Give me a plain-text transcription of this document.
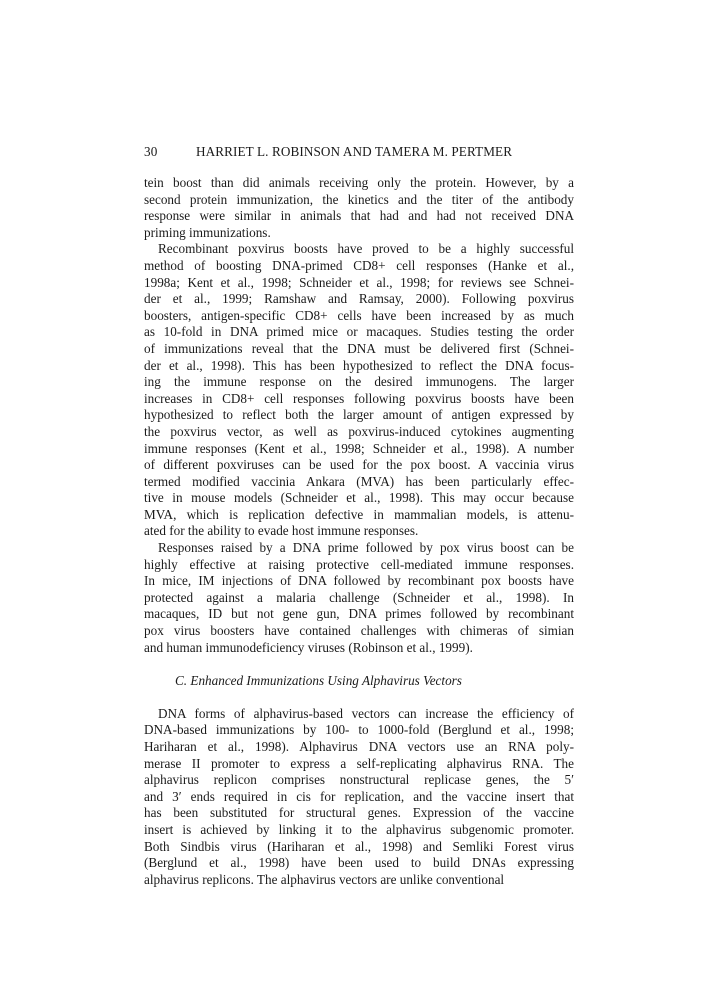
30	HARRIET L. ROBINSON AND TAMERA M. PERTMER
tein boost than did animals receiving only the protein. However, by a
second protein immunization, the kinetics and the titer of the antibody
response were similar in animals that had and had not received DNA
priming immunizations.
Recombinant poxvirus boosts have proved to be a highly successful
method of boosting DNA-primed CD8+ cell responses (Hanke et al.,
1998a; Kent et al., 1998; Schneider et al., 1998; for reviews see Schnei-
der et al., 1999; Ramshaw and Ramsay, 2000). Following poxvirus
boosters, antigen-specific CD8+ cells have been increased by as much
as 10-fold in DNA primed mice or macaques. Studies testing the order
of immunizations reveal that the DNA must be delivered first (Schnei-
der et al., 1998). This has been hypothesized to reflect the DNA focus-
ing the immune response on the desired immunogens. The larger
increases in CD8+ cell responses following poxvirus boosts have been
hypothesized to reflect both the larger amount of antigen expressed by
the poxvirus vector, as well as poxvirus-induced cytokines augmenting
immune responses (Kent et al., 1998; Schneider et al., 1998). A number
of different poxviruses can be used for the pox boost. A vaccinia virus
termed modified vaccinia Ankara (MVA) has been particularly effec-
tive in mouse models (Schneider et al., 1998). This may occur because
MVA, which is replication defective in mammalian models, is attenu-
ated for the ability to evade host immune responses.
Responses raised by a DNA prime followed by pox virus boost can be
highly effective at raising protective cell-mediated immune responses.
In mice, IM injections of DNA followed by recombinant pox boosts have
protected against a malaria challenge (Schneider et al., 1998). In
macaques, ID but not gene gun, DNA primes followed by recombinant
pox virus boosters have contained challenges with chimeras of simian
and human immunodeficiency viruses (Robinson et al., 1999).
C. Enhanced Immunizations Using Alphavirus Vectors
DNA forms of alphavirus-based vectors can increase the efficiency of
DNA-based immunizations by 100- to 1000-fold (Berglund et al., 1998;
Hariharan et al., 1998). Alphavirus DNA vectors use an RNA poly-
merase II promoter to express a self-replicating alphavirus RNA. The
alphavirus replicon comprises nonstructural replicase genes, the 5′
and 3′ ends required in cis for replication, and the vaccine insert that
has been substituted for structural genes. Expression of the vaccine
insert is achieved by linking it to the alphavirus subgenomic promoter.
Both Sindbis virus (Hariharan et al., 1998) and Semliki Forest virus
(Berglund et al., 1998) have been used to build DNAs expressing
alphavirus replicons. The alphavirus vectors are unlike conventional
